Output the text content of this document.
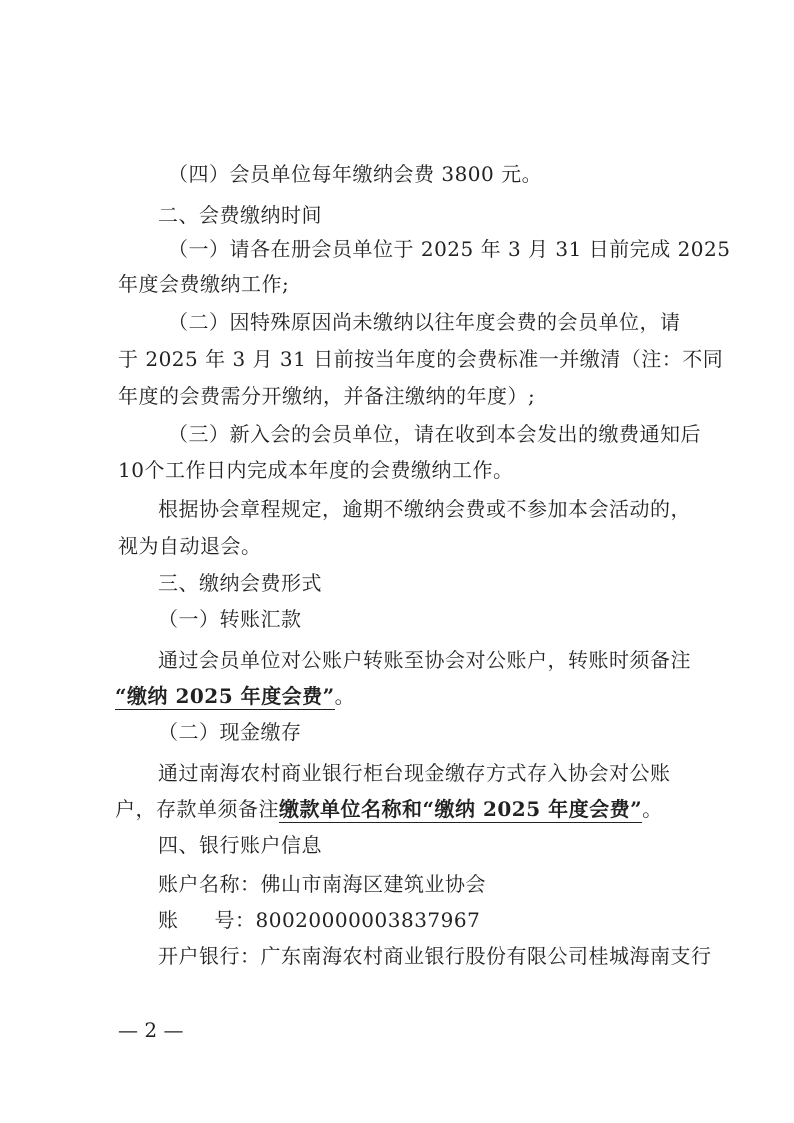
（四）会员单位每年缴纳会费 3800 元。
二、会费缴纳时间
（一）请各在册会员单位于 2025 年 3 月 31 日前完成 2025
年度会费缴纳工作;
（二）因特殊原因尚未缴纳以往年度会费的会员单位，请
于 2025 年 3 月 31 日前按当年度的会费标准一并缴清（注：不同
年度的会费需分开缴纳，并备注缴纳的年度）;
（三）新入会的会员单位，请在收到本会发出的缴费通知后
10个工作日内完成本年度的会费缴纳工作。
根据协会章程规定，逾期不缴纳会费或不参加本会活动的，
视为自动退会。
三、缴纳会费形式
（一）转账汇款
通过会员单位对公账户转账至协会对公账户，转账时须备注
“缴纳 2025 年度会费”。
（二）现金缴存
通过南海农村商业银行柜台现金缴存方式存入协会对公账
户，存款单须备注缴款单位名称和“缴纳 2025 年度会费”。
四、银行账户信息
账户名称：佛山市南海区建筑业协会
账 号：80020000003837967
开户银行：广东南海农村商业银行股份有限公司桂城海南支行
— 2 —
